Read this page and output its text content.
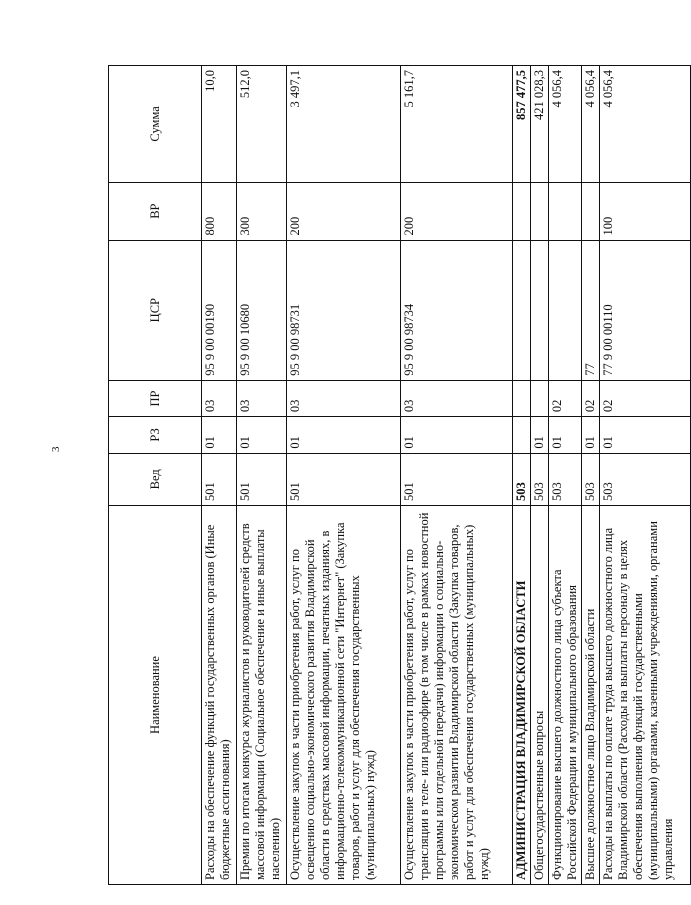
3
Наименование	Вед	РЗ	ПР	ЦСР	ВР	Сумма
Расходы на обеспечение функций государственных органов (Иные бюджетные ассигнования)	501	01	03	95 9 00 00190	800	10,0
Премии по итогам конкурса журналистов и руководителей средств массовой информации (Социальное обеспечение и иные выплаты населению)	501	01	03	95 9 00 10680	300	512,0
Осуществление закупок в части приобретения работ, услуг по освещению социально-экономического развития Владимирской области в средствах массовой информации, печатных изданиях, в информационно-телекоммуникационной сети "Интернет" (Закупка товаров, работ и услуг для обеспечения государственных (муниципальных) нужд)	501	01	03	95 9 00 98731	200	3 497,1
Осуществление закупок в части приобретения работ, услуг по трансляции в теле- или радиоэфире (в том числе в рамках новостной программы или отдельной передачи) информации о социально-экономическом развитии Владимирской области (Закупка товаров, работ и услуг для обеспечения государственных (муниципальных) нужд)	501	01	03	95 9 00 98734	200	5 161,7
АДМИНИСТРАЦИЯ ВЛАДИМИРСКОЙ ОБЛАСТИ	503					857 477,5
Общегосударственные вопросы	503	01				421 028,3
Функционирование высшего должностного лица субъекта Российской Федерации и муниципального образования	503	01	02			4 056,4
Высшее должностное лицо Владимирской области	503	01	02	77		4 056,4
Расходы на выплаты по оплате труда высшего должностного лица Владимирской области (Расходы на выплаты персоналу в целях обеспечения выполнения функций государственными (муниципальными) органами, казенными учреждениями, органами управления	503	01	02	77 9 00 00110	100	4 056,4
